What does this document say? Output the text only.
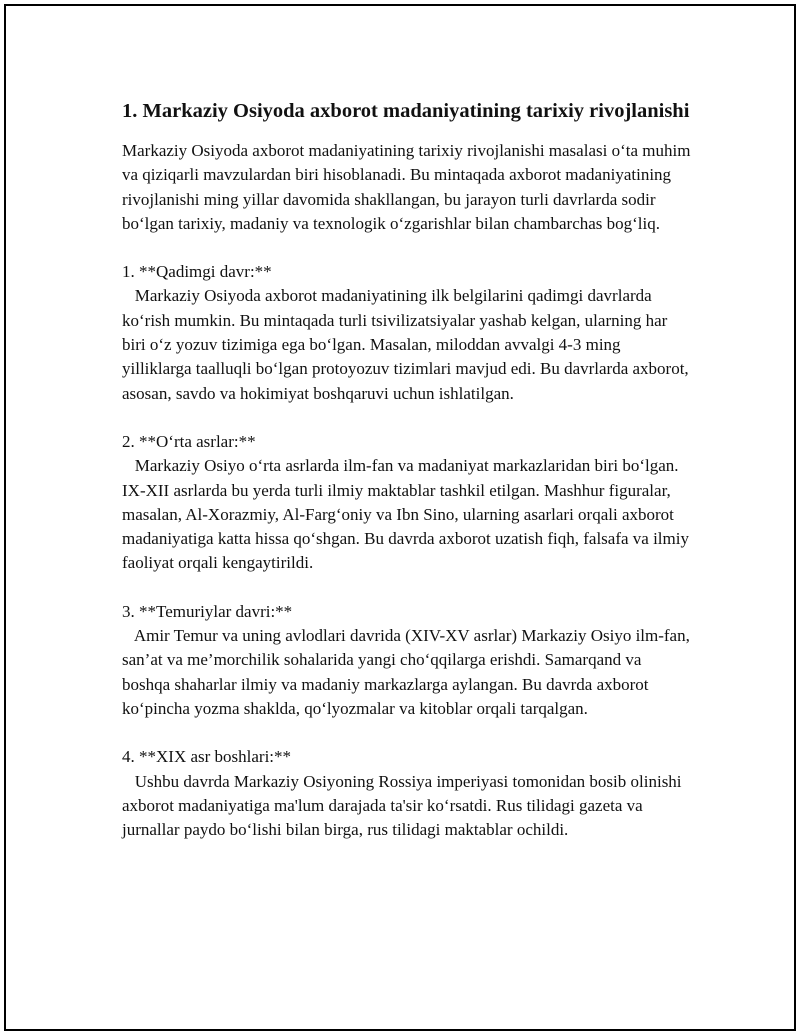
1. Markaziy Osiyoda axborot madaniyatining tarixiy rivojlanishi

Markaziy Osiyoda axborot madaniyatining tarixiy rivojlanishi masalasi o‘ta muhim va qiziqarli mavzulardan biri hisoblanadi. Bu mintaqada axborot madaniyatining rivojlanishi ming yillar davomida shakllangan, bu jarayon turli davrlarda sodir bo‘lgan tarixiy, madaniy va texnologik o‘zgarishlar bilan chambarchas bog‘liq.

1. **Qadimgi davr:**
Markaziy Osiyoda axborot madaniyatining ilk belgilarini qadimgi davrlarda ko‘rish mumkin. Bu mintaqada turli tsivilizatsiyalar yashab kelgan, ularning har biri o‘z yozuv tizimiga ega bo‘lgan. Masalan, miloddan avvalgi 4-3 ming yilliklarga taalluqli bo‘lgan protoyozuv tizimlari mavjud edi. Bu davrlarda axborot, asosan, savdo va hokimiyat boshqaruvi uchun ishlatilgan.

2. **O‘rta asrlar:**
Markaziy Osiyo o‘rta asrlarda ilm-fan va madaniyat markazlaridan biri bo‘lgan. IX-XII asrlarda bu yerda turli ilmiy maktablar tashkil etilgan. Mashhur figuralar, masalan, Al-Xorazmiy, Al-Farg‘oniy va Ibn Sino, ularning asarlari orqali axborot madaniyatiga katta hissa qo‘shgan. Bu davrda axborot uzatish fiqh, falsafa va ilmiy faoliyat orqali kengaytirildi.

3. **Temuriylar davri:**
Amir Temur va uning avlodlari davrida (XIV-XV asrlar) Markaziy Osiyo ilm-fan, san’at va me’morchilik sohalarida yangi cho‘qqilarga erishdi. Samarqand va boshqa shaharlar ilmiy va madaniy markazlarga aylangan. Bu davrda axborot ko‘pincha yozma shaklda, qo‘lyozmalar va kitoblar orqali tarqalgan.

4. **XIX asr boshlari:**
Ushbu davrda Markaziy Osiyoning Rossiya imperiyasi tomonidan bosib olinishi axborot madaniyatiga ma'lum darajada ta'sir ko‘rsatdi. Rus tilidagi gazeta va jurnallar paydo bo‘lishi bilan birga, rus tilidagi maktablar ochildi.
